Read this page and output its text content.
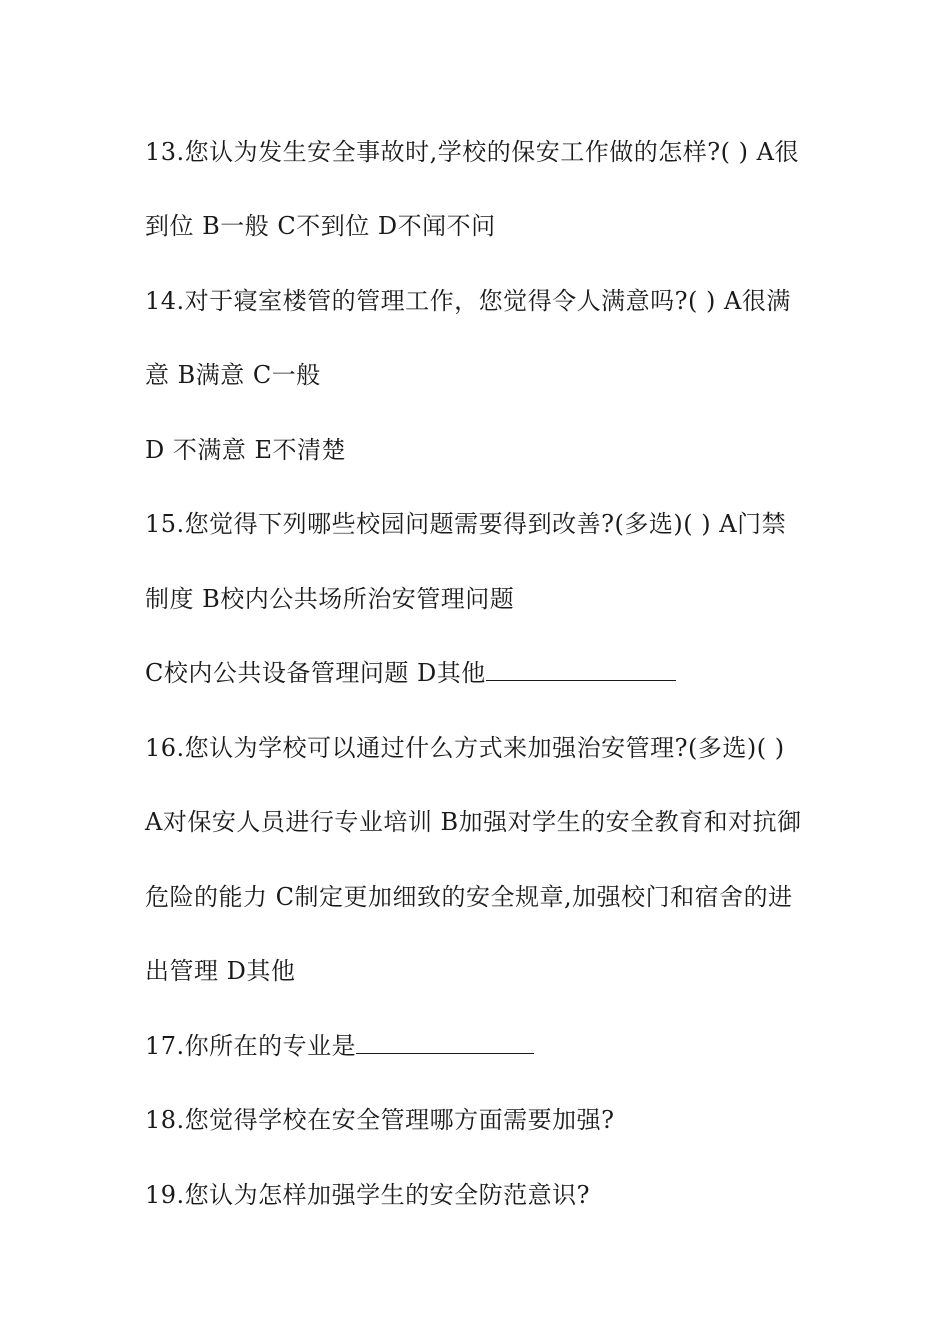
13.您认为发生安全事故时,学校的保安工作做的怎样?( ) A很
到位 B一般 C不到位 D不闻不问
14.对于寝室楼管的管理工作，您觉得令人满意吗?( ) A很满
意 B满意 C一般
D 不满意 E不清楚
15.您觉得下列哪些校园问题需要得到改善?(多选)( ) A门禁
制度 B校内公共场所治安管理问题
C校内公共设备管理问题 D其他
16.您认为学校可以通过什么方式来加强治安管理?(多选)( )
A对保安人员进行专业培训 B加强对学生的安全教育和对抗御
危险的能力 C制定更加细致的安全规章,加强校门和宿舍的进
出管理 D其他
17.你所在的专业是
18.您觉得学校在安全管理哪方面需要加强?
19.您认为怎样加强学生的安全防范意识?
